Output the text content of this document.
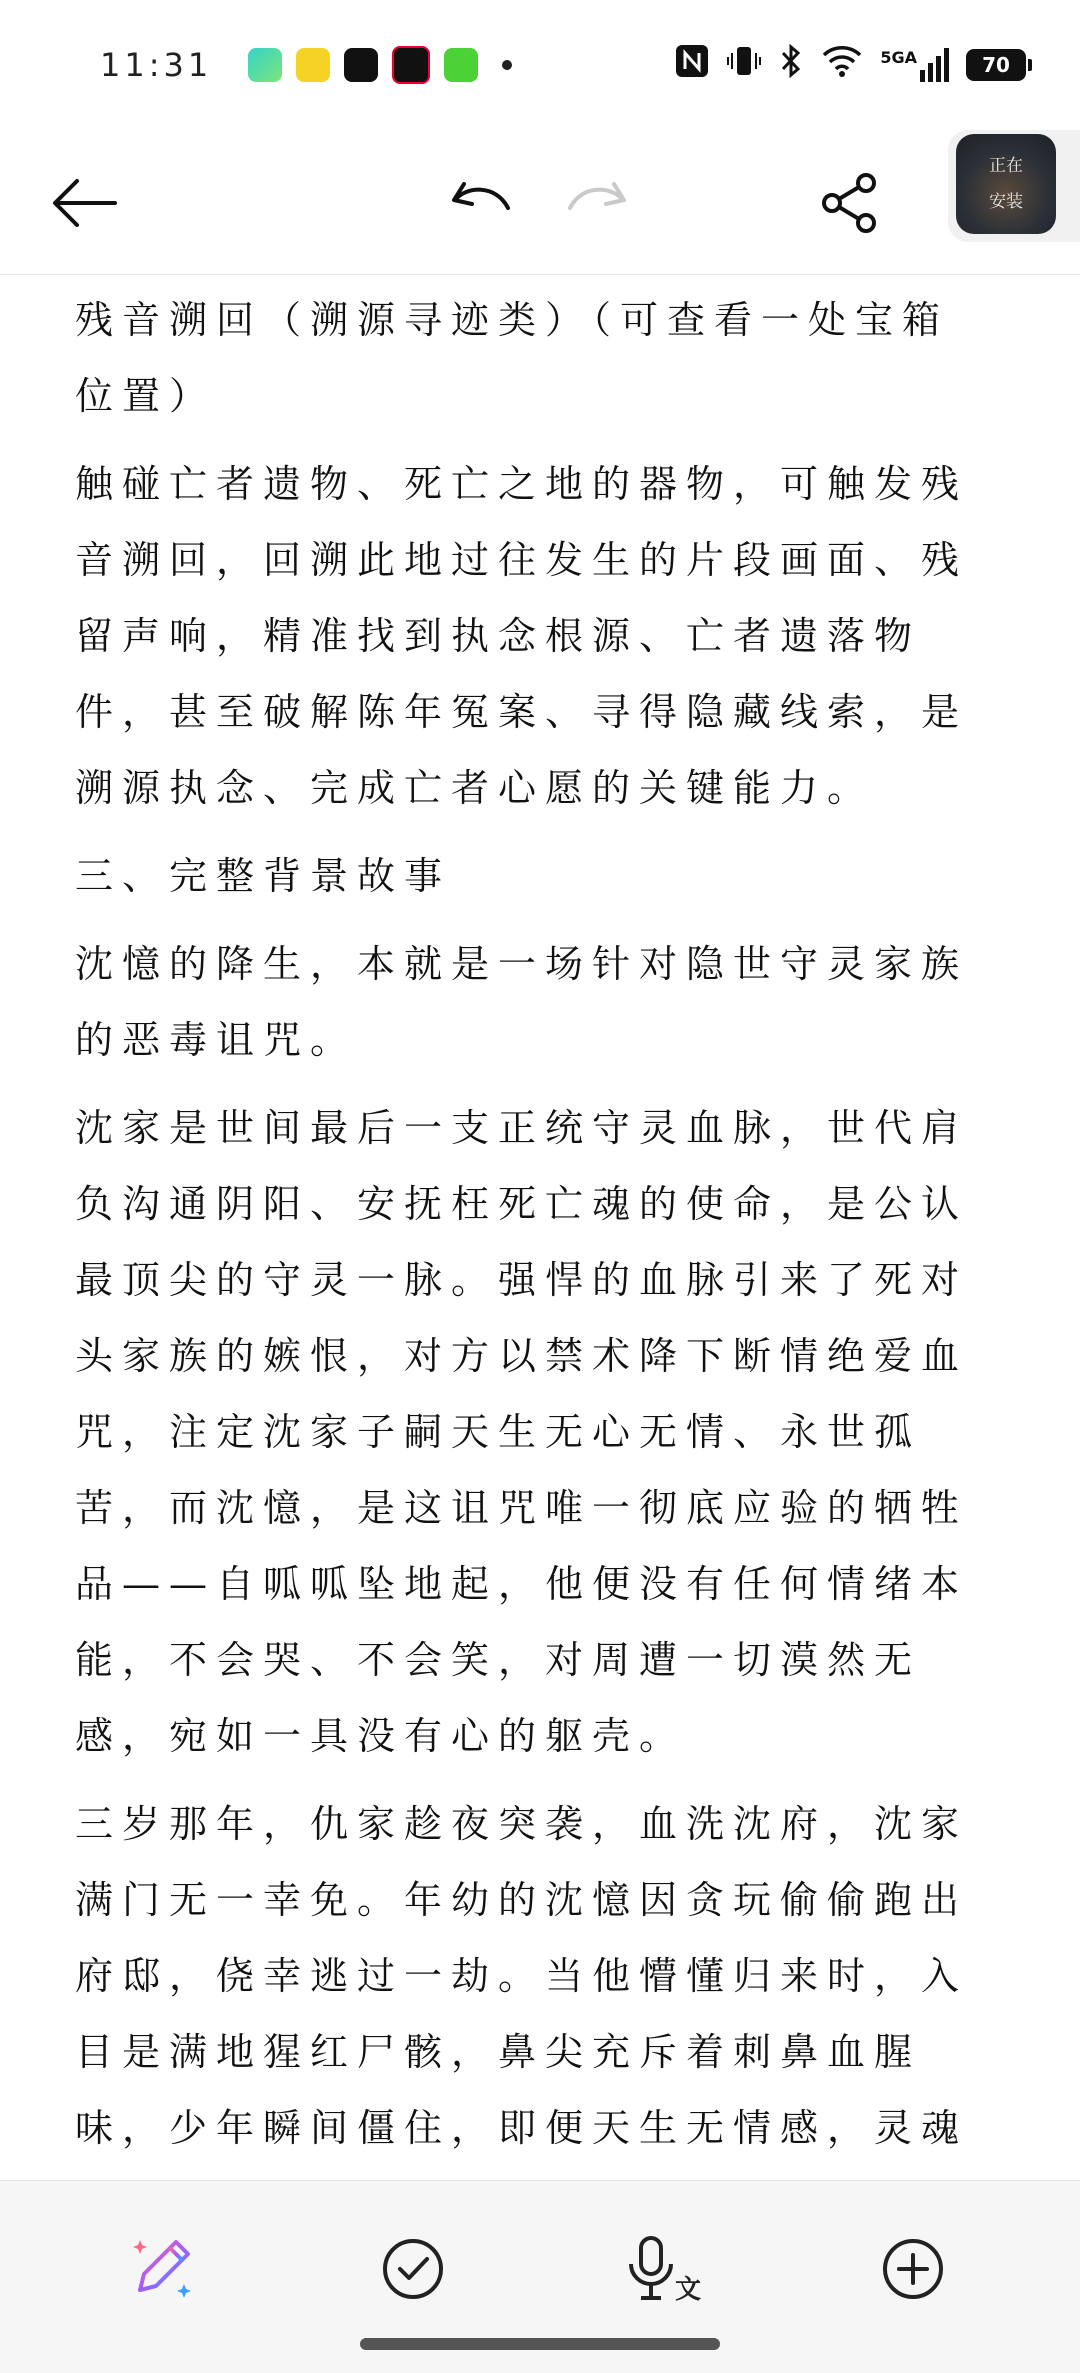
11:31	5GA	70
正在
安装

残音溯回（溯源寻迹类）（可查看一处宝箱位置）

触碰亡者遗物、死亡之地的器物，可触发残音溯回，回溯此地过往发生的片段画面、残留声响，精准找到执念根源、亡者遗落物件，甚至破解陈年冤案、寻得隐藏线索，是溯源执念、完成亡者心愿的关键能力。

三、完整背景故事

沈憶的降生，本就是一场针对隐世守灵家族的恶毒诅咒。

沈家是世间最后一支正统守灵血脉，世代肩负沟通阴阳、安抚枉死亡魂的使命，是公认最顶尖的守灵一脉。强悍的血脉引来了死对头家族的嫉恨，对方以禁术降下断情绝爱血咒，注定沈家子嗣天生无心无情、永世孤苦，而沈憶，是这诅咒唯一彻底应验的牺牲品——自呱呱坠地起，他便没有任何情绪本能，不会哭、不会笑，对周遭一切漠然无感，宛如一具没有心的躯壳。

三岁那年，仇家趁夜突袭，血洗沈府，沈家满门无一幸免。年幼的沈憶因贪玩偷偷跑出府邸，侥幸逃过一劫。当他懵懂归来时，入目是满地猩红尸骸，鼻尖充斥着刺鼻血腥味，少年瞬间僵住，即便天生无情感，灵魂

文
